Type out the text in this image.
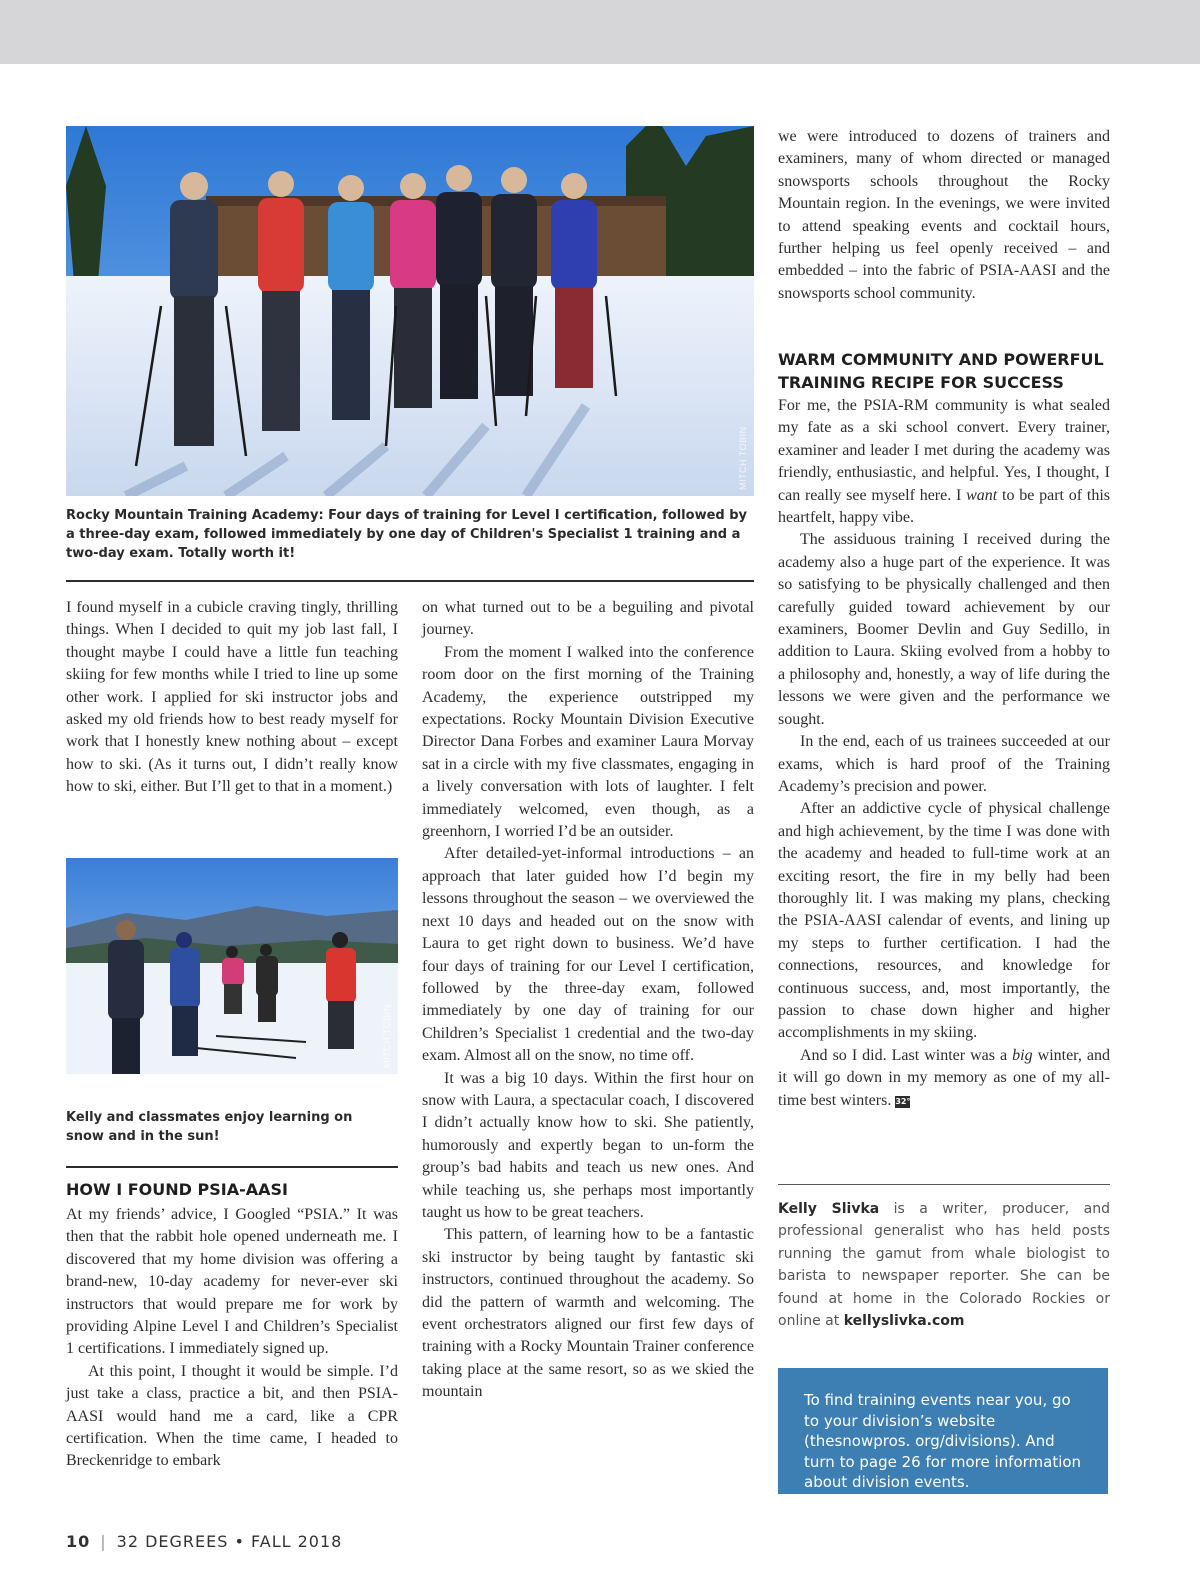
MITCH TOBIN
Rocky Mountain Training Academy: Four days of training for Level I certification, followed by a three-day exam, followed immediately by one day of Children's Specialist 1 training and a two-day exam. Totally worth it!

I found myself in a cubicle craving tingly, thrilling things. When I decided to quit my job last fall, I thought maybe I could have a little fun teaching skiing for few months while I tried to line up some other work. I applied for ski instructor jobs and asked my old friends how to best ready myself for work that I honestly knew nothing about – except how to ski. (As it turns out, I didn’t really know how to ski, either. But I’ll get to that in a moment.)

MITCH TOBIN
Kelly and classmates enjoy learning on snow and in the sun!
HOW I FOUND PSIA-AASI

At my friends’ advice, I Googled “PSIA.” It was then that the rabbit hole opened underneath me. I discovered that my home division was offering a brand-new, 10-day academy for never-ever ski instructors that would prepare me for work by providing Alpine Level I and Children’s Specialist 1 certifications. I immediately signed up.

At this point, I thought it would be simple. I’d just take a class, practice a bit, and then PSIA-AASI would hand me a card, like a CPR certification. When the time came, I headed to Breckenridge to embark

on what turned out to be a beguiling and pivotal journey.

From the moment I walked into the conference room door on the first morning of the Training Academy, the experience outstripped my expectations. Rocky Mountain Division Executive Director Dana Forbes and examiner Laura Morvay sat in a circle with my five classmates, engaging in a lively conversation with lots of laughter. I felt immediately welcomed, even though, as a greenhorn, I worried I’d be an outsider.

After detailed-yet-informal introductions – an approach that later guided how I’d begin my lessons throughout the season – we overviewed the next 10 days and headed out on the snow with Laura to get right down to business. We’d have four days of training for our Level I certification, followed by the three-day exam, followed immediately by one day of training for our Children’s Specialist 1 credential and the two-day exam. Almost all on the snow, no time off.

It was a big 10 days. Within the first hour on snow with Laura, a spectacular coach, I discovered I didn’t actually know how to ski. She patiently, humorously and expertly began to un-form the group’s bad habits and teach us new ones. And while teaching us, she perhaps most importantly taught us how to be great teachers.

This pattern, of learning how to be a fantastic ski instructor by being taught by fantastic ski instructors, continued throughout the academy. So did the pattern of warmth and welcoming. The event orchestrators aligned our first few days of training with a Rocky Mountain Trainer conference taking place at the same resort, so as we skied the mountain

we were introduced to dozens of trainers and examiners, many of whom directed or managed snowsports schools throughout the Rocky Mountain region. In the evenings, we were invited to attend speaking events and cocktail hours, further helping us feel openly received – and embedded – into the fabric of PSIA-AASI and the snowsports school community.

WARM COMMUNITY AND POWERFUL TRAINING RECIPE FOR SUCCESS

For me, the PSIA-RM community is what sealed my fate as a ski school convert. Every trainer, examiner and leader I met during the academy was friendly, enthusiastic, and helpful. Yes, I thought, I can really see myself here. I want to be part of this heartfelt, happy vibe.

The assiduous training I received during the academy also a huge part of the experience. It was so satisfying to be physically challenged and then carefully guided toward achievement by our examiners, Boomer Devlin and Guy Sedillo, in addition to Laura. Skiing evolved from a hobby to a philosophy and, honestly, a way of life during the lessons we were given and the performance we sought.

In the end, each of us trainees succeeded at our exams, which is hard proof of the Training Academy’s precision and power.

After an addictive cycle of physical challenge and high achievement, by the time I was done with the academy and headed to full-time work at an exciting resort, the fire in my belly had been thoroughly lit. I was making my plans, checking the PSIA-AASI calendar of events, and lining up my steps to further certification. I had the connections, resources, and knowledge for continuous success, and, most importantly, the passion to chase down higher and higher accomplishments in my skiing.

And so I did. Last winter was a big winter, and it will go down in my memory as one of my all-time best winters. 32°

Kelly Slivka is a writer, producer, and professional generalist who has held posts running the gamut from whale biologist to barista to newspaper reporter. She can be found at home in the Colorado Rockies or online at kellyslivka.com
To find training events near you, go to your division’s website (thesnowpros. org/divisions). And turn to page 26 for more information about division events.
10 | 32 DEGREES • FALL 2018
